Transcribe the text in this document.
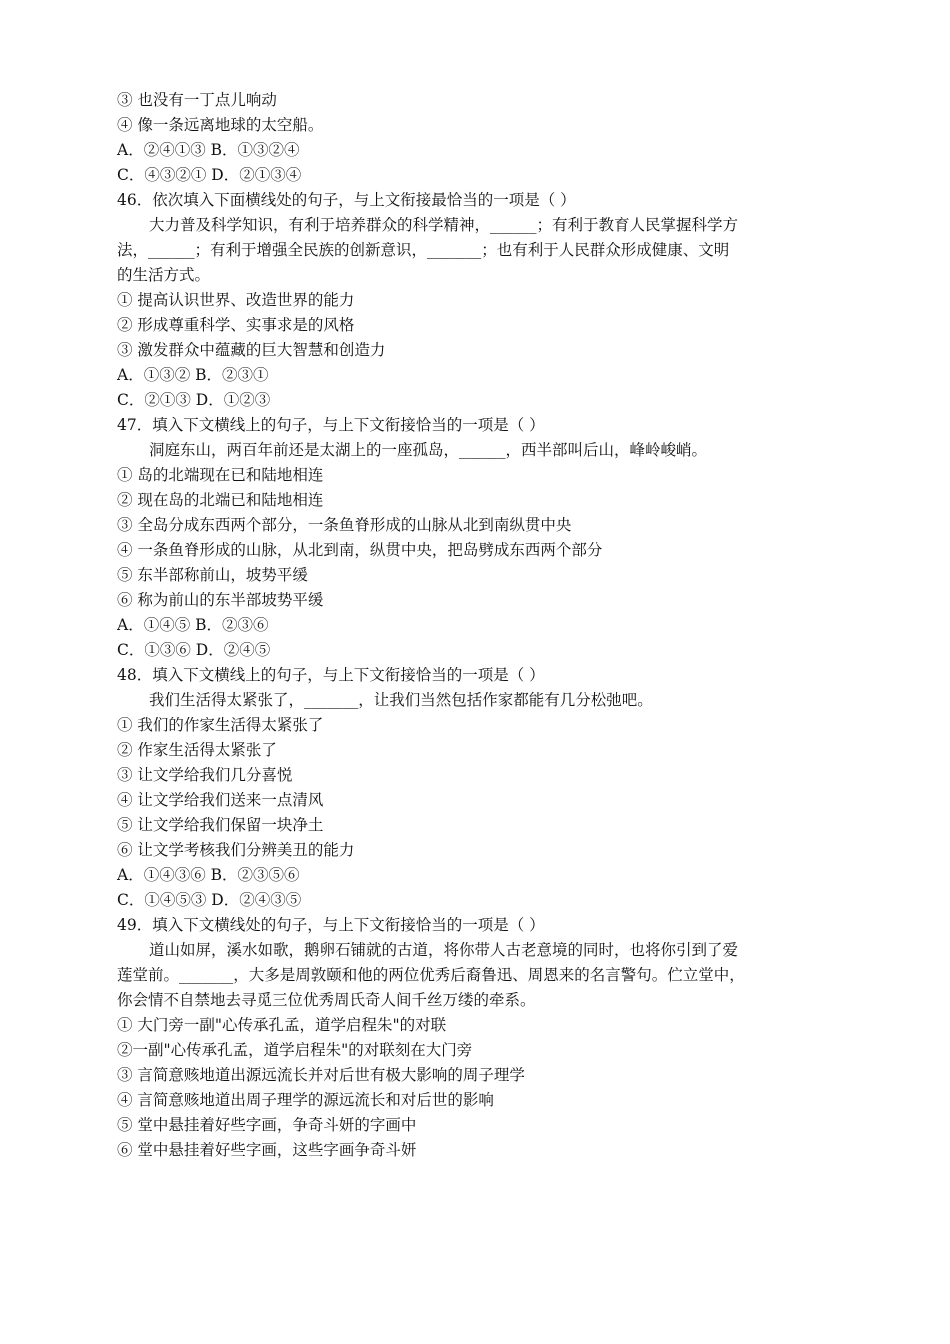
③ 也没有一丁点儿响动
④ 像一条远离地球的太空船。
A．②④①③ B．①③②④
C．④③②① D．②①③④
46．依次填入下面横线处的句子，与上文衔接最恰当的一项是（ ）
大力普及科学知识，有利于培养群众的科学精神，______；有利于教育人民掌握科学方
法，______；有利于增强全民族的创新意识，_______；也有利于人民群众形成健康、文明
的生活方式。
① 提高认识世界、改造世界的能力
② 形成尊重科学、实事求是的风格
③ 激发群众中蕴藏的巨大智慧和创造力
A．①③② B．②③①
C．②①③ D．①②③
47．填入下文横线上的句子，与上下文衔接恰当的一项是（ ）
洞庭东山，两百年前还是太湖上的一座孤岛，______，西半部叫后山，峰岭峻峭。
① 岛的北端现在已和陆地相连
② 现在岛的北端已和陆地相连
③ 全岛分成东西两个部分，一条鱼脊形成的山脉从北到南纵贯中央
④ 一条鱼脊形成的山脉，从北到南，纵贯中央，把岛劈成东西两个部分
⑤ 东半部称前山，坡势平缓
⑥ 称为前山的东半部坡势平缓
A．①④⑤ B．②③⑥
C．①③⑥ D．②④⑤
48．填入下文横线上的句子，与上下文衔接恰当的一项是（ ）
我们生活得太紧张了，_______，让我们当然包括作家都能有几分松弛吧。
① 我们的作家生活得太紧张了
② 作家生活得太紧张了
③ 让文学给我们几分喜悦
④ 让文学给我们送来一点清风
⑤ 让文学给我们保留一块净土
⑥ 让文学考核我们分辨美丑的能力
A．①④③⑥ B．②③⑤⑥
C．①④⑤③ D．②④③⑤
49．填入下文横线处的句子，与上下文衔接恰当的一项是（ ）
道山如屏，溪水如歌，鹅卵石铺就的古道，将你带人古老意境的同时，也将你引到了爱
莲堂前。_______，大多是周敦颐和他的两位优秀后裔鲁迅、周恩来的名言警句。伫立堂中，
你会情不自禁地去寻觅三位优秀周氏奇人间千丝万缕的牵系。
① 大门旁一副"心传承孔孟，道学启程朱"的对联
②一副"心传承孔孟，道学启程朱"的对联刻在大门旁
③ 言简意赅地道出源远流长并对后世有极大影响的周子理学
④ 言简意赅地道出周子理学的源远流长和对后世的影响
⑤ 堂中悬挂着好些字画，争奇斗妍的字画中
⑥ 堂中悬挂着好些字画，这些字画争奇斗妍
